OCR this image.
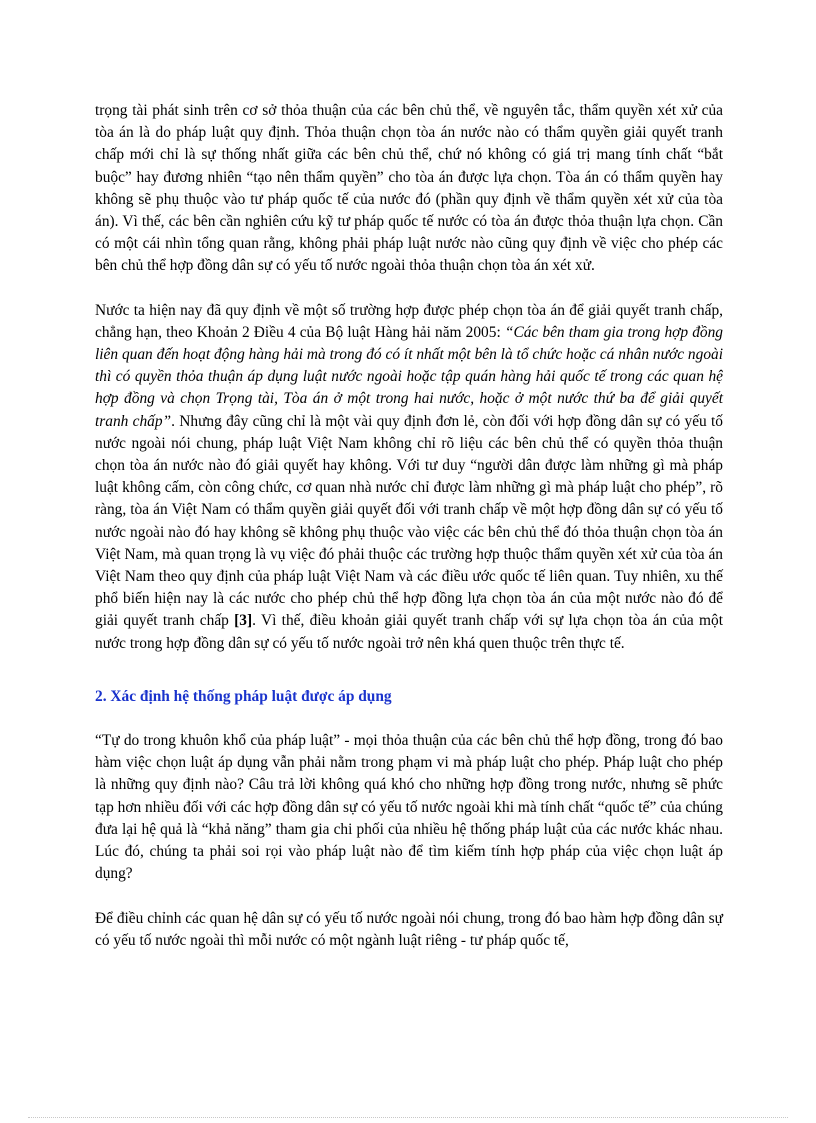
trọng tài phát sinh trên cơ sở thỏa thuận của các bên chủ thể, về nguyên tắc, thẩm quyền xét xử của tòa án là do pháp luật quy định. Thỏa thuận chọn tòa án nước nào có thẩm quyền giải quyết tranh chấp mới chỉ là sự thống nhất giữa các bên chủ thể, chứ nó không có giá trị mang tính chất “bắt buộc” hay đương nhiên “tạo nên thẩm quyền” cho tòa án được lựa chọn. Tòa án có thẩm quyền hay không sẽ phụ thuộc vào tư pháp quốc tế của nước đó (phần quy định về thẩm quyền xét xử của tòa án). Vì thế, các bên cần nghiên cứu kỹ tư pháp quốc tế nước có tòa án được thỏa thuận lựa chọn. Cần có một cái nhìn tổng quan rằng, không phải pháp luật nước nào cũng quy định về việc cho phép các bên chủ thể hợp đồng dân sự có yếu tố nước ngoài thỏa thuận chọn tòa án xét xử.

Nước ta hiện nay đã quy định về một số trường hợp được phép chọn tòa án để giải quyết tranh chấp, chẳng hạn, theo Khoản 2 Điều 4 của Bộ luật Hàng hải năm 2005: “Các bên tham gia trong hợp đồng liên quan đến hoạt động hàng hải mà trong đó có ít nhất một bên là tổ chức hoặc cá nhân nước ngoài thì có quyền thỏa thuận áp dụng luật nước ngoài hoặc tập quán hàng hải quốc tế trong các quan hệ hợp đồng và chọn Trọng tài, Tòa án ở một trong hai nước, hoặc ở một nước thứ ba để giải quyết tranh chấp”. Nhưng đây cũng chỉ là một vài quy định đơn lẻ, còn đối với hợp đồng dân sự có yếu tố nước ngoài nói chung, pháp luật Việt Nam không chỉ rõ liệu các bên chủ thể có quyền thỏa thuận chọn tòa án nước nào đó giải quyết hay không. Với tư duy “người dân được làm những gì mà pháp luật không cấm, còn công chức, cơ quan nhà nước chỉ được làm những gì mà pháp luật cho phép”, rõ ràng, tòa án Việt Nam có thẩm quyền giải quyết đối với tranh chấp về một hợp đồng dân sự có yếu tố nước ngoài nào đó hay không sẽ không phụ thuộc vào việc các bên chủ thể đó thỏa thuận chọn tòa án Việt Nam, mà quan trọng là vụ việc đó phải thuộc các trường hợp thuộc thẩm quyền xét xử của tòa án Việt Nam theo quy định của pháp luật Việt Nam và các điều ước quốc tế liên quan. Tuy nhiên, xu thế phổ biến hiện nay là các nước cho phép chủ thể hợp đồng lựa chọn tòa án của một nước nào đó để giải quyết tranh chấp [3]. Vì thế, điều khoản giải quyết tranh chấp với sự lựa chọn tòa án của một nước trong hợp đồng dân sự có yếu tố nước ngoài trở nên khá quen thuộc trên thực tế.

2. Xác định hệ thống pháp luật được áp dụng

“Tự do trong khuôn khổ của pháp luật” - mọi thỏa thuận của các bên chủ thể hợp đồng, trong đó bao hàm việc chọn luật áp dụng vẫn phải nằm trong phạm vi mà pháp luật cho phép. Pháp luật cho phép là những quy định nào? Câu trả lời không quá khó cho những hợp đồng trong nước, nhưng sẽ phức tạp hơn nhiều đối với các hợp đồng dân sự có yếu tố nước ngoài khi mà tính chất “quốc tế” của chúng đưa lại hệ quả là “khả năng” tham gia chi phối của nhiều hệ thống pháp luật của các nước khác nhau. Lúc đó, chúng ta phải soi rọi vào pháp luật nào để tìm kiếm tính hợp pháp của việc chọn luật áp dụng?

Để điều chỉnh các quan hệ dân sự có yếu tố nước ngoài nói chung, trong đó bao hàm hợp đồng dân sự có yếu tố nước ngoài thì mỗi nước có một ngành luật riêng - tư pháp quốc tế,
